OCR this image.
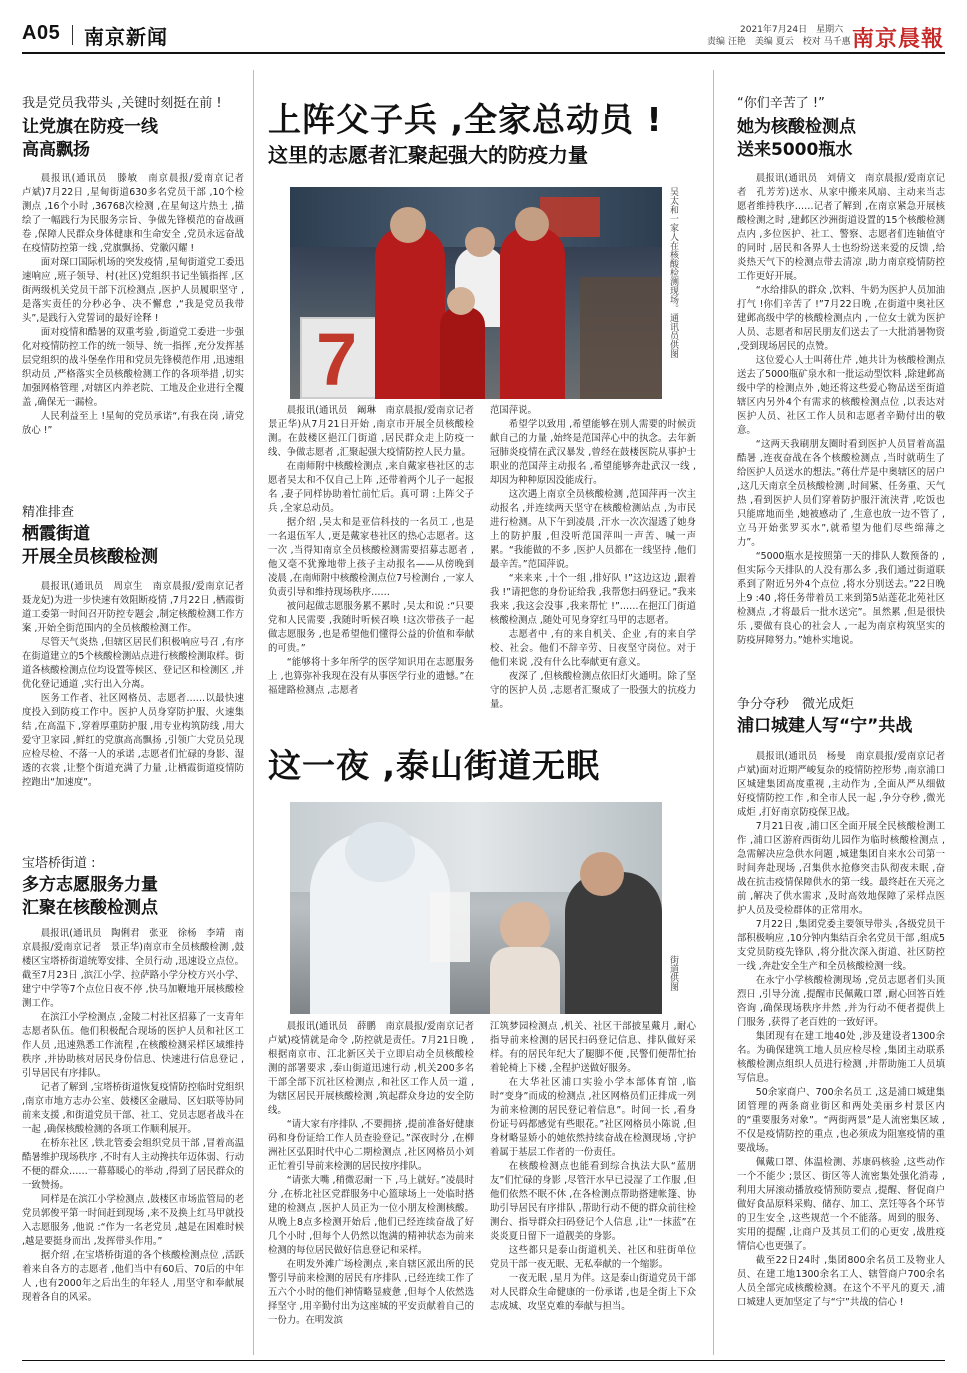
A05 南京新闻	2021年7月24日　星期六
责编 汪艳　美编 夏云　校对 马千惠 南京晨報
我是党员我带头 ,关键时刻挺在前 !
让党旗在防疫一线
高高飘扬

晨报讯(通讯员　滕敏　南京晨报/爱南京记者　卢斌)7月22日 ,星甸街道630多名党员干部 ,10个检测点 ,16个小时 ,36768次检测 ,在星甸这片热土 ,描绘了一幅践行为民服务宗旨、争做先锋模范的奋战画卷 ,保障人民群众身体健康和生命安全 ,党员永远奋战在疫情防控第一线 ,党旗飘扬、党徽闪耀 !

面对琛口国际机场的突发疫情 ,星甸街道党工委迅速响应 ,班子领导、村(社区)党组织书记坐镇指挥 ,区街两级机关党员干部下沉检测点 ,医护人员履职坚守 ,是落实责任的分秒必争、决不懈怠 ,“我是党员我带头”,是践行入党誓词的最好诠释 !

面对疫情和酷暑的双重考验 ,街道党工委进一步强化对疫情防控工作的统一领导、统一指挥 ,充分发挥基层党组织的战斗堡垒作用和党员先锋模范作用 ,迅速组织动员 ,严格落实全员核酸检测工作的各项举措 ,切实加强网格管理 ,对辖区内养老院、工地及企业进行全覆盖 ,确保无一漏检。

人民利益至上 !星甸的党员承诺“,有我在岗 ,请党放心 !”

精准排查
栖霞街道
开展全员核酸检测

晨报讯(通讯员　周京生　南京晨报/爱南京记者　聂龙妃)为进一步快速有效阻断疫情 ,7月22日 ,栖霞街道工委第一时间召开防控专题会 ,制定核酸检测工作方案 ,开始全街范围内的全员核酸检测工作。

尽管天气炎热 ,但辖区居民们积极响应号召 ,有序在街道建立的5个核酸检测站点进行核酸检测取样。街道各核酸检测点位均设置等候区、登记区和检测区 ,并优化登记通道 ,实行出入分离。

医务工作者、社区网格员、志愿者……以最快速度投入到防疫工作中。医护人员身穿防护服、火速集结 ,在高温下 ,穿着厚重防护服 ,用专业构筑防线 ,用大爱守卫家园 ,鲜红的党旗高高飘扬 ,引领广大党员兑现应检尽检、不落一人的承诺 ,志愿者们忙碌的身影、湿透的衣裳 ,让整个街道充满了力量 ,让栖霞街道疫情防控跑出“加速度”。

宝塔桥街道 :
多方志愿服务力量
汇聚在核酸检测点

晨报讯(通讯员　陶俐君　张亚　徐杨　李靖　南京晨报/爱南京记者　景正华)南京市全员核酸检测 ,鼓楼区宝塔桥街道统筹安排、全员行动 ,迅速设立点位。截至7月23日 ,滨江小学、拉萨路小学分校方兴小学、建宁中学等7个点位日夜不停 ,快马加鞭地开展核酸检测工作。

在滨江小学检测点 ,金陵二村社区招募了一支青年志愿者队伍。他们积极配合现场的医护人员和社区工作人员 ,迅速熟悉工作流程 ,在核酸检测采样区域维持秩序 ,并协助核对居民身份信息、快速进行信息登记 ,引导居民有序排队。

记者了解到 ,宝塔桥街道恢复疫情防控临时党组织 ,南京市地方志办公室、鼓楼区金融局、区妇联等协同前来支援 ,和街道党员干部、社工、党员志愿者战斗在一起 ,确保核酸检测的各项工作顺利展开。

在桥东社区 ,铁北管委会组织党员干部 ,冒着高温酷暑维护现场秩序 ,不时有人主动搀扶年迈体弱、行动不便的群众……一幕幕暖心的举动 ,得到了居民群众的一致赞扬。

同样是在滨江小学检测点 ,鼓楼区市场监管局的老党员郭俊平第一时间赶到现场 ,来不及换上红马甲就投入志愿服务 ,他说 :“作为一名老党员 ,越是在困难时候 ,越是要挺身而出 ,发挥带头作用。”

据介绍 ,在宝塔桥街道的各个核酸检测点位 ,活跃着来自各方的志愿者 ,他们当中有60后、70后的中年人 ,也有2000年之后出生的年轻人 ,用坚守和奉献展现着各自的风采。

上阵父子兵 ,全家总动员 !
这里的志愿者汇聚起强大的防疫力量
7
吴太和一家人在核酸检测现场。通讯员供图

晨报讯(通讯员　阚琳　南京晨报/爱南京记者　景正华)从7月21日开始 ,南京市开展全员核酸检测。在鼓楼区挹江门街道 ,居民群众走上防疫一线、争做志愿者 ,汇聚起强大疫情防控人民力量。

在南师附中核酸检测点 ,来自戴家巷社区的志愿者吴太和不仅自己上阵 ,还带着两个儿子一起报名 ,妻子同样协助着忙前忙后。真可谓 :上阵父子兵 ,全家总动员。

据介绍 ,吴太和是亚信科技的一名员工 ,也是一名退伍军人 ,更是戴家巷社区的热心志愿者。这一次 ,当得知南京全员核酸检测需要招募志愿者 ,他又毫不犹豫地带上孩子主动报名——从傍晚到凌晨 ,在南师附中核酸检测点位7号检测台 ,一家人负责引导和维持现场秩序……

被问起做志愿服务累不累时 ,吴太和说 :“只要党和人民需要 ,我随时听候召唤 !这次带孩子一起做志愿服务 ,也是希望他们懂得公益的价值和奉献的可贵。”

“能够将十多年所学的医学知识用在志愿服务上 ,也算弥补我现在没有从事医学行业的遗憾。”在福建路检测点 ,志愿者

范国萍说。

希望学以致用 ,希望能够在别人需要的时候贡献自己的力量 ,始终是范国萍心中的执念。去年新冠肺炎疫情在武汉暴发 ,曾经在鼓楼医院从事护士职业的范国萍主动报名 ,希望能够奔赴武汉一线 ,却因为种种原因没能成行。

这次遇上南京全员核酸检测 ,范国萍再一次主动报名 ,并连续两天坚守在核酸检测站点 ,为市民进行检测。从下午到凌晨 ,汗水一次次湿透了她身上的防护服 ,但没听范国萍叫一声苦、喊一声累。“我能做的不多 ,医护人员都在一线坚持 ,他们最辛苦。”范国萍说。

“来来来 ,十个一组 ,排好队 !”这边这边 ,跟着我 !”请把您的身份证给我 ,我帮您扫码登记。”我来我来 ,我这会没事 ,我来帮忙 !”……在挹江门街道核酸检测点 ,随处可见身穿红马甲的志愿者。

志愿者中 ,有的来自机关、企业 ,有的来自学校、社会。他们不辞辛劳、日夜坚守岗位。对于他们来说 ,没有什么比奉献更有意义。

夜深了 ,但核酸检测点依旧灯火通明。除了坚守的医护人员 ,志愿者汇聚成了一股强大的抗疫力量。

这一夜 ,泰山街道无眠
街道供图

晨报讯(通讯员　薛鹏　南京晨报/爱南京记者　卢斌)疫情就是命令 ,防控就是责任。7月21日晚 ,根据南京市、江北新区关于立即启动全员核酸检测的部署要求 ,泰山街道迅速行动 ,机关200多名干部全部下沉社区检测点 ,和社区工作人员一道 ,为辖区居民开展核酸检测 ,筑起群众身边的安全防线。

“请大家有序排队 ,不要拥挤 ,提前准备好健康码和身份证给工作人员查验登记。”深夜时分 ,在柳洲社区弘阳时代中心二期检测点 ,社区网格员小刘正忙着引导前来检测的居民按序排队。

“请张大嘴 ,稍微忍耐一下 ,马上就好。”凌晨时分 ,在桥北社区党群服务中心篮球场上一处临时搭建的检测点 ,医护人员正为一位小朋友检测核酸。从晚上8点多检测开始后 ,他们已经连续奋战了好几个小时 ,但每个人仍然以饱满的精神状态为前来检测的每位居民做好信息登记和采样。

在明发外滩广场检测点 ,来自辖区派出所的民警引导前来检测的居民有序排队 ,已经连续工作了五六个小时的他们神情略显疲惫 ,但每个人依然选择坚守 ,用辛勤付出为这座城的平安贡献着自己的一份力。在明发滨

江筑梦园检测点 ,机关、社区干部披星戴月 ,耐心指导前来检测的居民扫码登记信息、排队做好采样。有的居民年纪大了腿脚不便 ,民警们便帮忙抬着轮椅上下楼 ,全程护送做好服务。

在大华社区浦口实验小学本部体育馆 ,临时“变身”而成的检测点 ,社区网格员们正排成一列为前来检测的居民登记着信息”。时间一长 ,看身份证号码都感觉有些眼花。”社区网格员小陈说 ,但身材略显娇小的她依然持续奋战在检测现场 ,守护着属于基层工作者的一份责任。

在核酸检测点也能看到综合执法大队“蓝朋友”们忙碌的身影 ,尽管汗水早已浸湿了工作服 ,但他们依然不眠不休 ,在各检测点帮助搭建帐篷、协助引导居民有序排队 ,帮助行动不便的群众前往检测台、指导群众扫码登记个人信息 ,让“一抹蓝”在炎炎夏日留下一道靓美的身影。

这些都只是泰山街道机关、社区和驻街单位党员干部一夜无眠、无私奉献的一个缩影。

一夜无眠 ,星月为伴。这是泰山街道党员干部对人民群众生命健康的一份承诺 ,也是全街上下众志成城、攻坚克难的奉献与担当。

“你们辛苦了 !”
她为核酸检测点
送来5000瓶水

晨报讯(通讯员　刘倩文　南京晨报/爱南京记者　孔芳芳)送水、从家中搬来风扇、主动来当志愿者维持秩序……记者了解到 ,在南京紧急开展核酸检测之时 ,建邺区沙洲街道设置的15个核酸检测点内 ,多位医护、社工、警察、志愿者们连轴值守的同时 ,居民和各界人士也纷纷送来爱的反馈 ,给炎热天气下的检测点带去清凉 ,助力南京疫情防控工作更好开展。

“水给排队的群众 ,饮料、牛奶为医护人员加油打气 !你们辛苦了 !”7月22日晚 ,在街道中奥社区建邺高级中学的核酸检测点内 ,一位女士就为医护人员、志愿者和居民朋友们送去了一大批消暑物资 ,受到现场居民的点赞。

这位爱心人士叫蒋仕芹 ,她共计为核酸检测点送去了5000瓶矿泉水和一批运动型饮料 ,除建邺高级中学的检测点外 ,她还将这些爱心物品送至街道辖区内另外4个有需求的核酸检测点位 ,以表达对医护人员、社区工作人员和志愿者辛勤付出的敬意。

“这两天我刷朋友圈时看到医护人员冒着高温酷暑 ,连夜奋战在各个核酸检测点 ,当时就萌生了给医护人员送水的想法。”蒋仕芹是中奥辖区的居户 ,这几天南京全员核酸检测 ,时间紧、任务重、天气热 ,看到医护人员们穿着防护服汗流浃背 ,吃饭也只能席地而坐 ,她被感动了 ,生意也放一边不管了 ,立马开始张罗买水”,就希望为他们尽些绵薄之力”。

“5000瓶水是按照第一天的排队人数预备的 ,但实际今天排队的人没有那么多 ,我们通过街道联系到了附近另外4个点位 ,将水分别送去。”22日晚上9 :40 ,将任务带着员工来到第5站莲花北苑社区检测点 ,才将最后一批水送完”。虽然累 ,但是很快乐 ,要做有良心的社会人 ,一起为南京构筑坚实的防疫屏障努力。”她朴实地说。

争分夺秒　微光成炬
浦口城建人写“宁”共战

晨报讯(通讯员　杨曼　南京晨报/爱南京记者　卢斌)面对近期严峻复杂的疫情防控形势 ,南京浦口区城建集团高度重视 ,主动作为 ,全面从严从细做好疫情防控工作 ,和全市人民一起 ,争分夺秒 ,微光成炬 ,打好南京防疫保卫战。

7月21日夜 ,浦口区全面开展全民核酸检测工作 ,浦口区游府西街幼儿园作为临时核酸检测点 ,急需解决应急供水问题 ,城建集团自来水公司第一时间奔赴现场 ,召集供水抢修突击队彻夜未眠 ,奋战在抗击疫情保障供水的第一线。最终赶在天亮之前 ,解决了供水需求 ,及时高效地保障了采样点医护人员及受检群体的正常用水。

7月22日 ,集团党委主要领导带头 ,各级党员干部积极响应 ,10分钟内集结百余名党员干部 ,组成5支党员防疫先锋队 ,将分批次深入街道、社区防控一线 ,奔赴安全生产和全员核酸检测一线。

在永宁小学核酸检测现场 ,党员志愿者们头顶烈日 ,引导分流 ,提醒市民佩戴口罩 ,耐心回答百姓咨询 ,确保现场秩序井然 ,并为行动不便者提供上门服务 ,获得了老百姓的一致好评。

集团现有在建工地40处 ,涉及建设者1300余名。为确保建筑工地人员应检尽检 ,集团主动联系核酸检测点组织人员进行检测 ,并帮助施工人员填写信息。

50余家商户、700余名员工 ,这是浦口城建集团管理的两条商业街区和两处美丽乡村景区内的“重要服务对象”。“两街两景”是人流密集区域 ,不仅是疫情防控的重点 ,也必须成为阻塞疫情的重要战场。

佩戴口罩、体温检测、苏康码核验 ,这些动作一个不能少 ;景区、街区等人流密集处强化消毒 ,利用大屏滚动播放疫情预防要点 ,提醒、督促商户做好食品原料采购、储存、加工、烹饪等各个环节的卫生安全 ,这些规范一个不能落。周到的服务、实用的提醒 ,让商户及其员工们的心更安 ,战胜疫情信心也更强了。

截至22日24时 ,集团800余名员工及物业人员、在建工地1300余名工人、辖管商户700余名人员全部完成核酸检测。在这个不平凡的夏天 ,浦口城建人更加坚定了与“宁”共战的信心 !
